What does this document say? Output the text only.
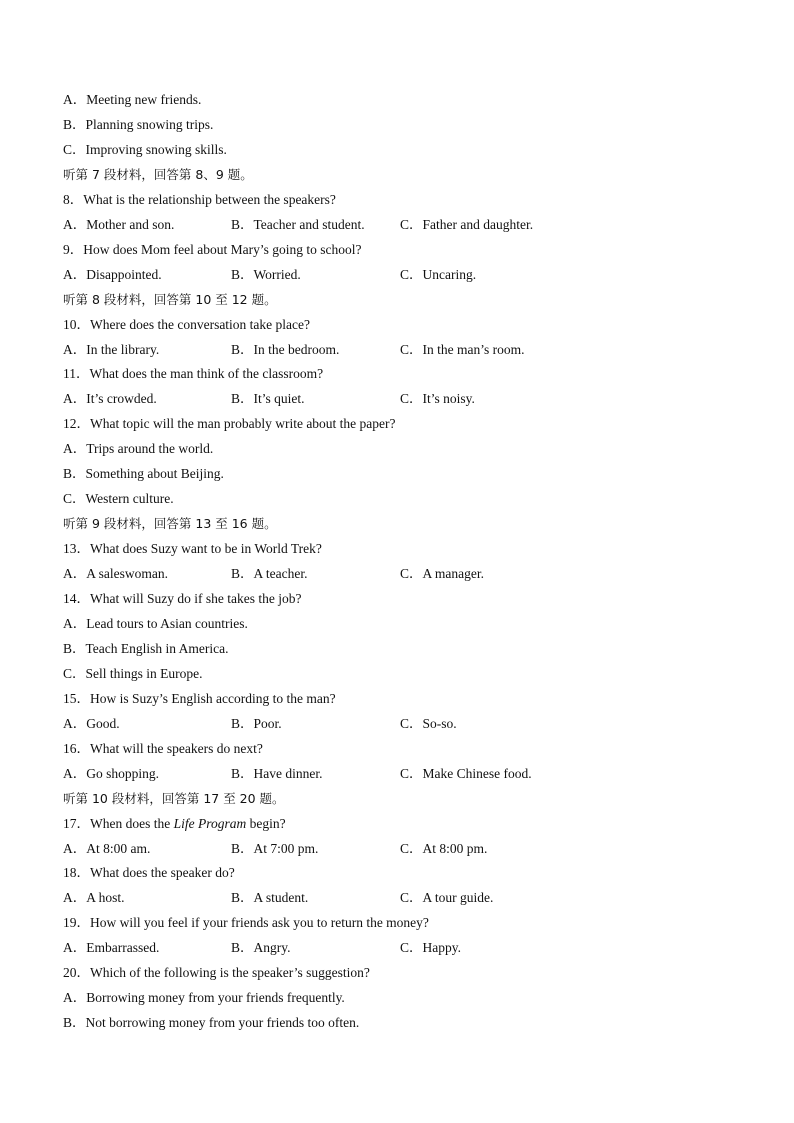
A．Meeting new friends.
B．Planning snowing trips.
C．Improving snowing skills.
听第 7 段材料，回答第 8、9 题。
8．What is the relationship between the speakers?
A．Mother and son.	B．Teacher and student.	C．Father and daughter.
9．How does Mom feel about Mary’s going to school?
A．Disappointed.	B．Worried.	C．Uncaring.
听第 8 段材料，回答第 10 至 12 题。
10．Where does the conversation take place?
A．In the library.	B．In the bedroom.	C．In the man’s room.
11．What does the man think of the classroom?
A．It’s crowded.	B．It’s quiet.	C．It’s noisy.
12．What topic will the man probably write about the paper?
A．Trips around the world.
B．Something about Beijing.
C．Western culture.
听第 9 段材料，回答第 13 至 16 题。
13．What does Suzy want to be in World Trek?
A．A saleswoman.	B．A teacher.	C．A manager.
14．What will Suzy do if she takes the job?
A．Lead tours to Asian countries.
B．Teach English in America.
C．Sell things in Europe.
15．How is Suzy’s English according to the man?
A．Good.	B．Poor.	C．So-so.
16．What will the speakers do next?
A．Go shopping.	B．Have dinner.	C．Make Chinese food.
听第 10 段材料，回答第 17 至 20 题。
17．When does the Life Program begin?
A．At 8:00 am.	B．At 7:00 pm.	C．At 8:00 pm.
18．What does the speaker do?
A．A host.	B．A student.	C．A tour guide.
19．How will you feel if your friends ask you to return the money?
A．Embarrassed.	B．Angry.	C．Happy.
20．Which of the following is the speaker’s suggestion?
A．Borrowing money from your friends frequently.
B．Not borrowing money from your friends too often.
